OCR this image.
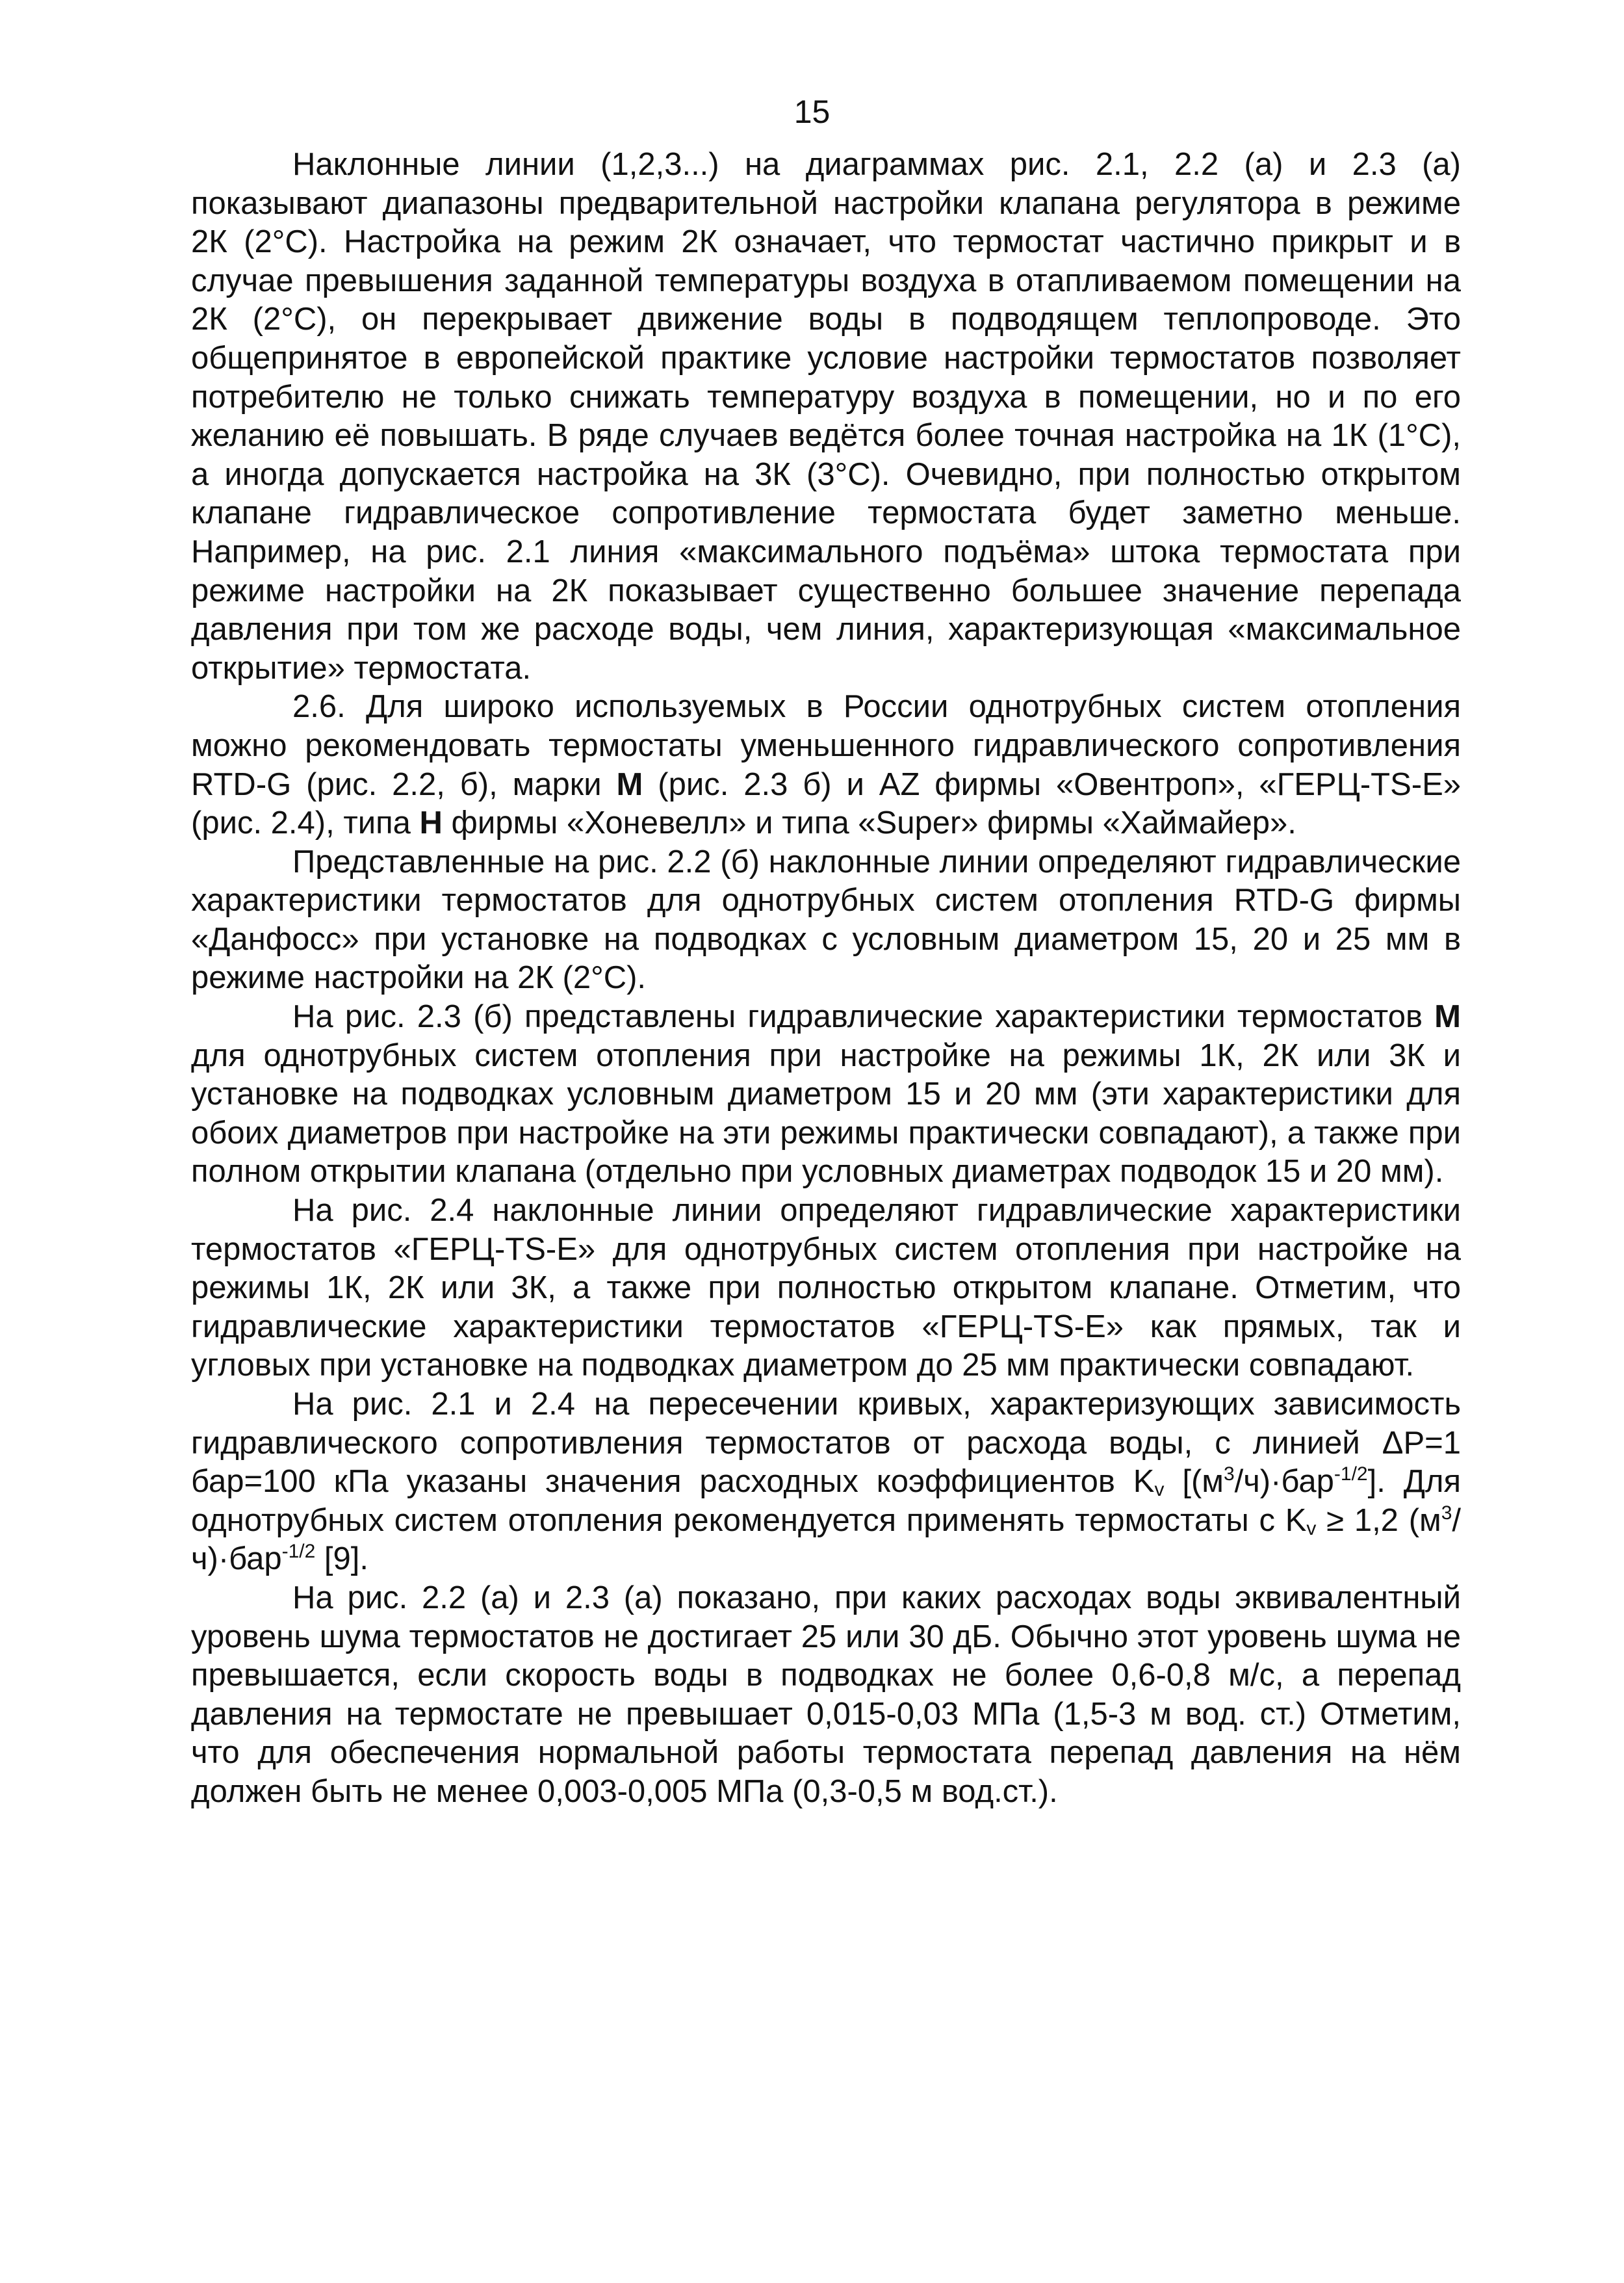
15

Наклонные линии (1,2,3...) на диаграммах рис. 2.1, 2.2 (а) и 2.3 (а) показывают диапазоны предварительной настройки клапана регулятора в режиме 2К (2°С). Настройка на режим 2К означает, что термостат частично прикрыт и в случае превышения заданной температуры воздуха в отапливаемом помещении на 2К (2°С), он перекрывает движение воды в подводящем теплопроводе. Это общепринятое в европейской практике условие настройки термостатов позволяет потребителю не только снижать температуру воздуха в помещении, но и по его желанию её повышать. В ряде случаев ведётся более точная настройка на 1К (1°С), а иногда допускается настройка на 3К (3°С). Очевидно, при полностью открытом клапане гидравлическое сопротивление термостата будет заметно меньше. Например, на рис. 2.1 линия «максимального подъёма» штока термостата при режиме настройки на 2К показывает существенно большее значение перепада давления при том же расходе воды, чем линия, характеризующая «максимальное открытие» термостата.

2.6. Для широко используемых в России однотрубных систем отопления можно рекомендовать термостаты уменьшенного гидравлического сопротивления RTD-G (рис. 2.2, б), марки М (рис. 2.3 б) и AZ фирмы «Овентроп», «ГЕРЦ-TS-E» (рис. 2.4), типа Н фирмы «Хоневелл» и типа «Super» фирмы «Хаймайер».

Представленные на рис. 2.2 (б) наклонные линии определяют гидравлические характеристики термостатов для однотрубных систем отопления RTD-G фирмы «Данфосс» при установке на подводках с условным диаметром 15, 20 и 25 мм в режиме настройки на 2К (2°С).

На рис. 2.3 (б) представлены гидравлические характеристики термостатов М для однотрубных систем отопления при настройке на режимы 1К, 2К или 3К и установке на подводках условным диаметром 15 и 20 мм (эти характеристики для обоих диаметров при настройке на эти режимы практически совпадают), а также при полном открытии клапана (отдельно при условных диаметрах подводок 15 и 20 мм).

На рис. 2.4 наклонные линии определяют гидравлические характеристики термостатов «ГЕРЦ-TS-E» для однотрубных систем отопления при настройке на режимы 1К, 2К или 3К, а также при полностью открытом клапане. Отметим, что гидравлические характеристики термостатов «ГЕРЦ-TS-E» как прямых, так и угловых при установке на подводках диаметром до 25 мм практически совпадают.

На рис. 2.1 и 2.4 на пересечении кривых, характеризующих зависимость гидравлического сопротивления термостатов от расхода воды, с линией ΔР=1 бар=100 кПа указаны значения расходных коэффициентов $K_v$ $[(м^3/ч)\cdot бар^{-1/2}]$. Для однотрубных систем отопления рекомендуется применять термостаты с $K_v \ge 1,2$ $(м^3/ч)\cdot бар^{-1/2}$ [9].

На рис. 2.2 (а) и 2.3 (а) показано, при каких расходах воды эквивалентный уровень шума термостатов не достигает 25 или 30 дБ. Обычно этот уровень шума не превышается, если скорость воды в подводках не более 0,6-0,8 м/с, а перепад давления на термостате не превышает 0,015-0,03 МПа (1,5-3 м вод. ст.) Отметим, что для обеспечения нормальной работы термостата перепад давления на нём должен быть не менее 0,003-0,005 МПа (0,3-0,5 м вод.ст.).
